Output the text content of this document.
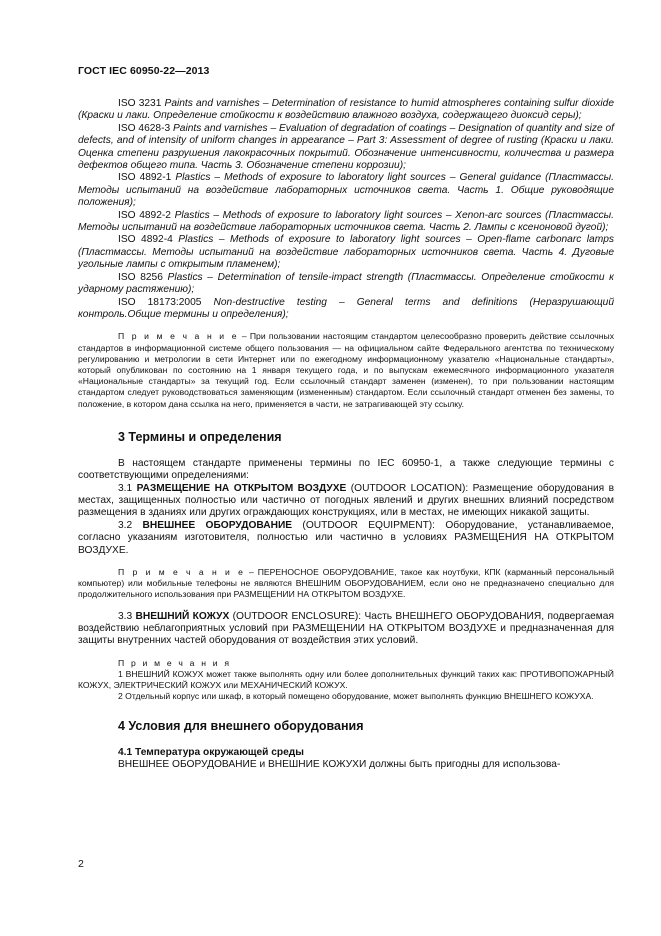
ГОСТ IEC 60950-22—2013

ISO 3231 Paints and varnishes – Determination of resistance to humid atmospheres containing sulfur dioxide (Краски и лаки. Определение стойкости к воздействию влажного воздуха, содержащего диоксид серы);

ISO 4628-3 Paints and varnishes – Evaluation of degradation of coatings – Designation of quantity and size of defects, and of intensity of uniform changes in appearance – Part 3: Assessment of degree of rusting (Краски и лаки. Оценка степени разрушения лакокрасочных покрытий. Обозначение интенсивности, количества и размера дефектов общего типа. Часть 3. Обозначение степени коррозии);

ISO 4892-1 Plastics – Methods of exposure to laboratory light sources – General guidance (Пластмассы. Методы испытаний на воздействие лабораторных источников света. Часть 1. Общие руководящие положения);

ISO 4892-2 Plastics – Methods of exposure to laboratory light sources – Xenon-arc sources (Пластмассы. Методы испытаний на воздействие лабораторных источников света. Часть 2. Лампы с ксеноновой дугой);

ISO 4892-4 Plastics – Methods of exposure to laboratory light sources – Open-flame carbonarc lamps (Пластмассы. Методы испытаний на воздействие лабораторных источников света. Часть 4. Дуговые угольные лампы с открытым пламенем);

ISO 8256 Plastics – Determination of tensile-impact strength (Пластмассы. Определение стойкости к ударному растяжению);

ISO 18173:2005 Non-destructive testing – General terms and definitions (Неразрушающий контроль.Общие термины и определения);

П р и м е ч а н и е – При пользовании настоящим стандартом целесообразно проверить действие ссылочных стандартов в информационной системе общего пользования — на официальном сайте Федерального агентства по техническому регулированию и метрологии в сети Интернет или по ежегодному информационному указателю «Национальные стандарты», который опубликован по состоянию на 1 января текущего года, и по выпускам ежемесячного информационного указателя «Национальные стандарты» за текущий год. Если ссылочный стандарт заменен (изменен), то при пользовании настоящим стандартом следует руководствоваться заменяющим (измененным) стандартом. Если ссылочный стандарт отменен без замены, то положение, в котором дана ссылка на него, применяется в части, не затрагивающей эту ссылку.

3 Термины и определения

В настоящем стандарте применены термины по IEC 60950-1, а также следующие термины с соответствующими определениями:

3.1 РАЗМЕЩЕНИЕ НА ОТКРЫТОМ ВОЗДУХЕ (OUTDOOR LOCATION): Размещение оборудования в местах, защищенных полностью или частично от погодных явлений и других внешних влияний посредством размещения в зданиях или других ограждающих конструкциях, или в местах, не имеющих никакой защиты.

3.2 ВНЕШНЕЕ ОБОРУДОВАНИЕ (OUTDOOR EQUIPMENT): Оборудование, устанавливаемое, согласно указаниям изготовителя, полностью или частично в условиях РАЗМЕЩЕНИЯ НА ОТКРЫТОМ ВОЗДУХЕ.

П р и м е ч а н и е – ПЕРЕНОСНОЕ ОБОРУДОВАНИЕ, такое как ноутбуки, КПК (карманный персональный компьютер) или мобильные телефоны не являются ВНЕШНИМ ОБОРУДОВАНИЕМ, если оно не предназначено специально для продолжительного использования при РАЗМЕЩЕНИИ НА ОТКРЫТОМ ВОЗДУХЕ.

3.3 ВНЕШНИЙ КОЖУХ (OUTDOOR ENCLOSURE): Часть ВНЕШНЕГО ОБОРУДОВАНИЯ, подвергаемая воздействию неблагоприятных условий при РАЗМЕЩЕНИИ НА ОТКРЫТОМ ВОЗДУХЕ и предназначенная для защиты внутренних частей оборудования от воздействия этих условий.

П р и м е ч а н и я

1 ВНЕШНИЙ КОЖУХ может также выполнять одну или более дополнительных функций таких как: ПРОТИВОПОЖАРНЫЙ КОЖУХ, ЭЛЕКТРИЧЕСКИЙ КОЖУХ или МЕХАНИЧЕСКИЙ КОЖУХ.

2 Отдельный корпус или шкаф, в который помещено оборудование, может выполнять функцию ВНЕШНЕГО КОЖУХА.

4 Условия для внешнего оборудования

4.1 Температура окружающей среды

ВНЕШНЕЕ ОБОРУДОВАНИЕ и ВНЕШНИЕ КОЖУХИ должны быть пригодны для использова-

2
